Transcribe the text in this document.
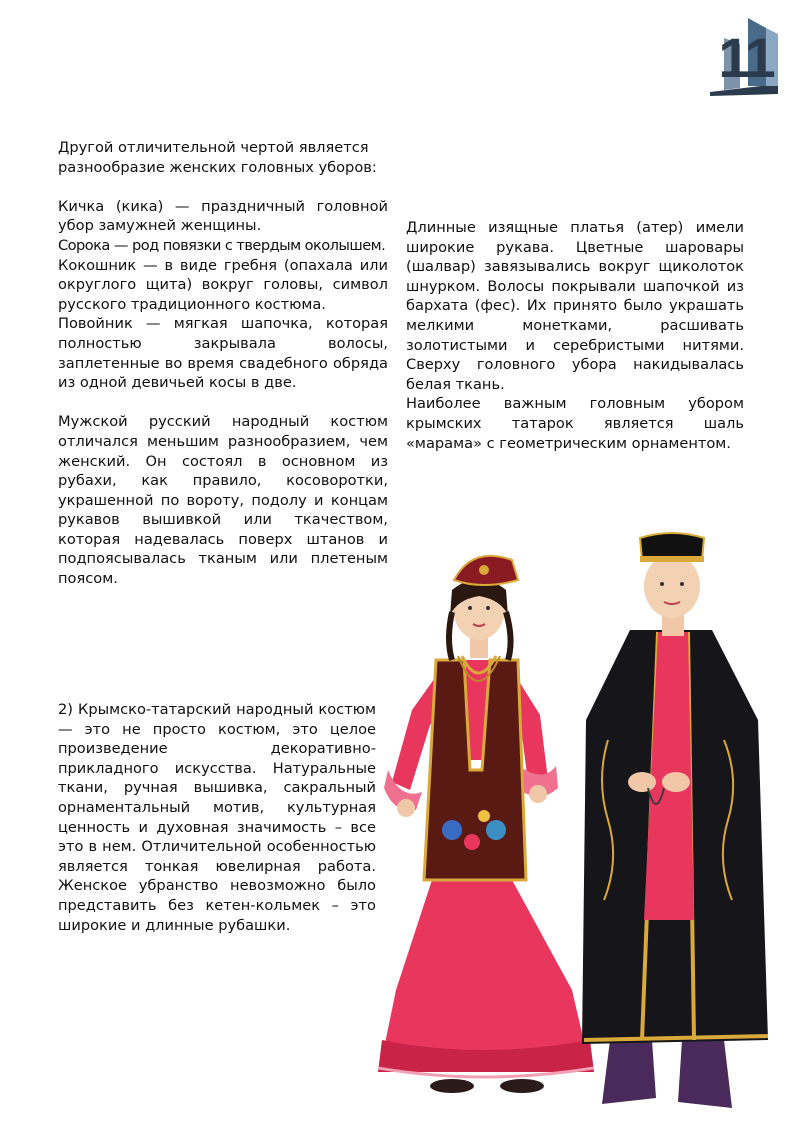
11

Другой отличительной чертой является разнообразие женских головных уборов:

Кичка (кика) — праздничный головной убор замужней женщины.

Сорока — род повязки с твердым околышем.

Кокошник — в виде гребня (опахала или округлого щита) вокруг головы, символ русского традиционного костюма.

Повойник — мягкая шапочка, которая полностью закрывала волосы, заплетенные во время свадебного обряда из одной девичьей косы в две.

Мужской русский народный костюм отличался меньшим разнообразием, чем женский. Он состоял в основном из рубахи, как правило, косоворотки, украшенной по вороту, подолу и концам рукавов вышивкой или ткачеством, которая надевалась поверх штанов и подпоясывалась тканым или плетеным поясом.

Длинные изящные платья (атер) имели широкие рукава. Цветные шаровары (шалвар) завязывались вокруг щиколоток шнурком. Волосы покрывали шапочкой из бархата (фес). Их принято было украшать мелкими монетками, расшивать золотистыми и серебристыми нитями. Сверху головного убора накидывалась белая ткань.

Наиболее важным головным убором крымских татарок является шаль «марама» с геометрическим орнаментом.

2) Крымско-татарский народный костюм — это не просто костюм, это целое произведение декоративно-прикладного искусства. Натуральные ткани, ручная вышивка, сакральный орнаментальный мотив, культурная ценность и духовная значимость – все это в нем. Отличительной особенностью является тонкая ювелирная работа. Женское убранство невозможно было представить без кетен-кольмек – это широкие и длинные рубашки.
